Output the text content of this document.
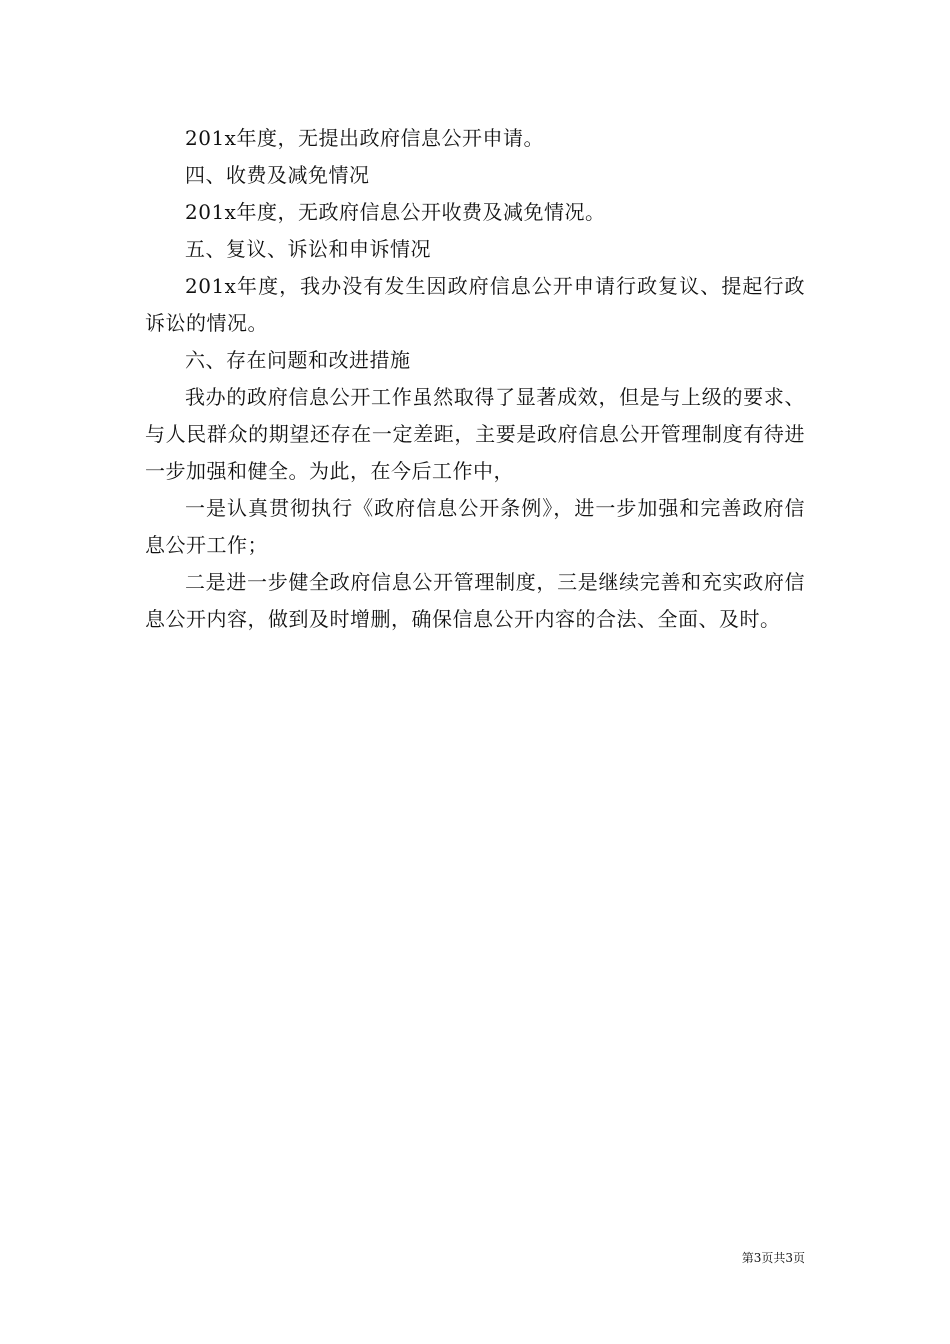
201x年度，无提出政府信息公开申请。

四、收费及减免情况

201x年度，无政府信息公开收费及减免情况。

五、复议、诉讼和申诉情况

201x年度，我办没有发生因政府信息公开申请行政复议、提起行政诉讼的情况。

六、存在问题和改进措施

我办的政府信息公开工作虽然取得了显著成效，但是与上级的要求、与人民群众的期望还存在一定差距，主要是政府信息公开管理制度有待进一步加强和健全。为此，在今后工作中，

一是认真贯彻执行《政府信息公开条例》，进一步加强和完善政府信息公开工作；

二是进一步健全政府信息公开管理制度，三是继续完善和充实政府信息公开内容，做到及时增删，确保信息公开内容的合法、全面、及时。

第3页共3页
